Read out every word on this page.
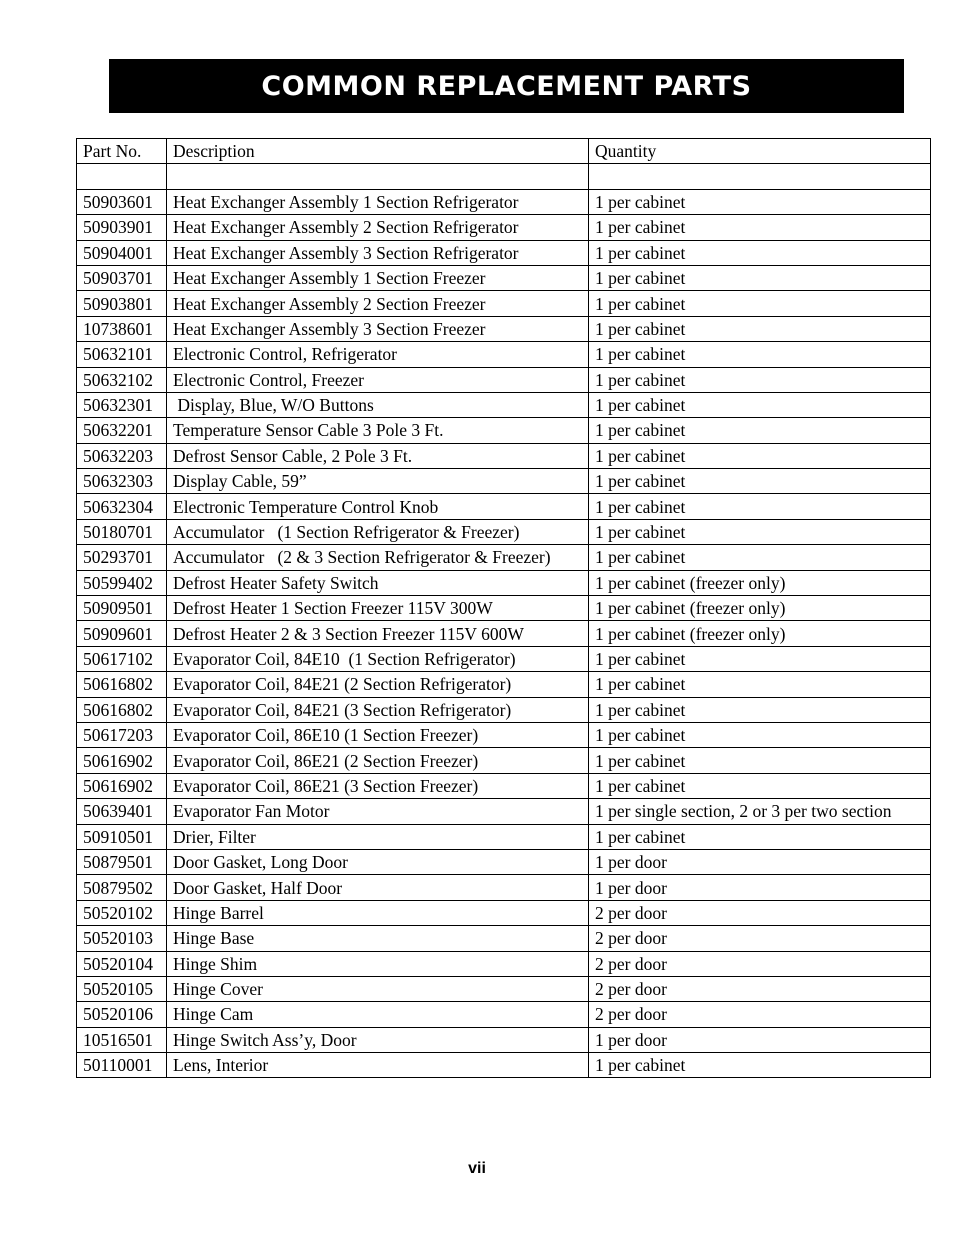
COMMON REPLACEMENT PARTS
Part No.	Description	Quantity

50903601	Heat Exchanger Assembly 1 Section Refrigerator	1 per cabinet
50903901	Heat Exchanger Assembly 2 Section Refrigerator	1 per cabinet
50904001	Heat Exchanger Assembly 3 Section Refrigerator	1 per cabinet
50903701	Heat Exchanger Assembly 1 Section Freezer	1 per cabinet
50903801	Heat Exchanger Assembly 2 Section Freezer	1 per cabinet
10738601	Heat Exchanger Assembly 3 Section Freezer	1 per cabinet
50632101	Electronic Control, Refrigerator	1 per cabinet
50632102	Electronic Control, Freezer	1 per cabinet
50632301	Display, Blue, W/O Buttons	1 per cabinet
50632201	Temperature Sensor Cable 3 Pole 3 Ft.	1 per cabinet
50632203	Defrost Sensor Cable, 2 Pole 3 Ft.	1 per cabinet
50632303	Display Cable, 59”	1 per cabinet
50632304	Electronic Temperature Control Knob	1 per cabinet
50180701	Accumulator   (1 Section Refrigerator & Freezer)	1 per cabinet
50293701	Accumulator   (2 & 3 Section Refrigerator & Freezer)	1 per cabinet
50599402	Defrost Heater Safety Switch	1 per cabinet (freezer only)
50909501	Defrost Heater 1 Section Freezer 115V 300W	1 per cabinet (freezer only)
50909601	Defrost Heater 2 & 3 Section Freezer 115V 600W	1 per cabinet (freezer only)
50617102	Evaporator Coil, 84E10  (1 Section Refrigerator)	1 per cabinet
50616802	Evaporator Coil, 84E21 (2 Section Refrigerator)	1 per cabinet
50616802	Evaporator Coil, 84E21 (3 Section Refrigerator)	1 per cabinet
50617203	Evaporator Coil, 86E10 (1 Section Freezer)	1 per cabinet
50616902	Evaporator Coil, 86E21 (2 Section Freezer)	1 per cabinet
50616902	Evaporator Coil, 86E21 (3 Section Freezer)	1 per cabinet
50639401	Evaporator Fan Motor	1 per single section, 2 or 3 per two section
50910501	Drier, Filter	1 per cabinet
50879501	Door Gasket, Long Door	1 per door
50879502	Door Gasket, Half Door	1 per door
50520102	Hinge Barrel	2 per door
50520103	Hinge Base	2 per door
50520104	Hinge Shim	2 per door
50520105	Hinge Cover	2 per door
50520106	Hinge Cam	2 per door
10516501	Hinge Switch Ass’y, Door	1 per door
50110001	Lens, Interior	1 per cabinet
vii
